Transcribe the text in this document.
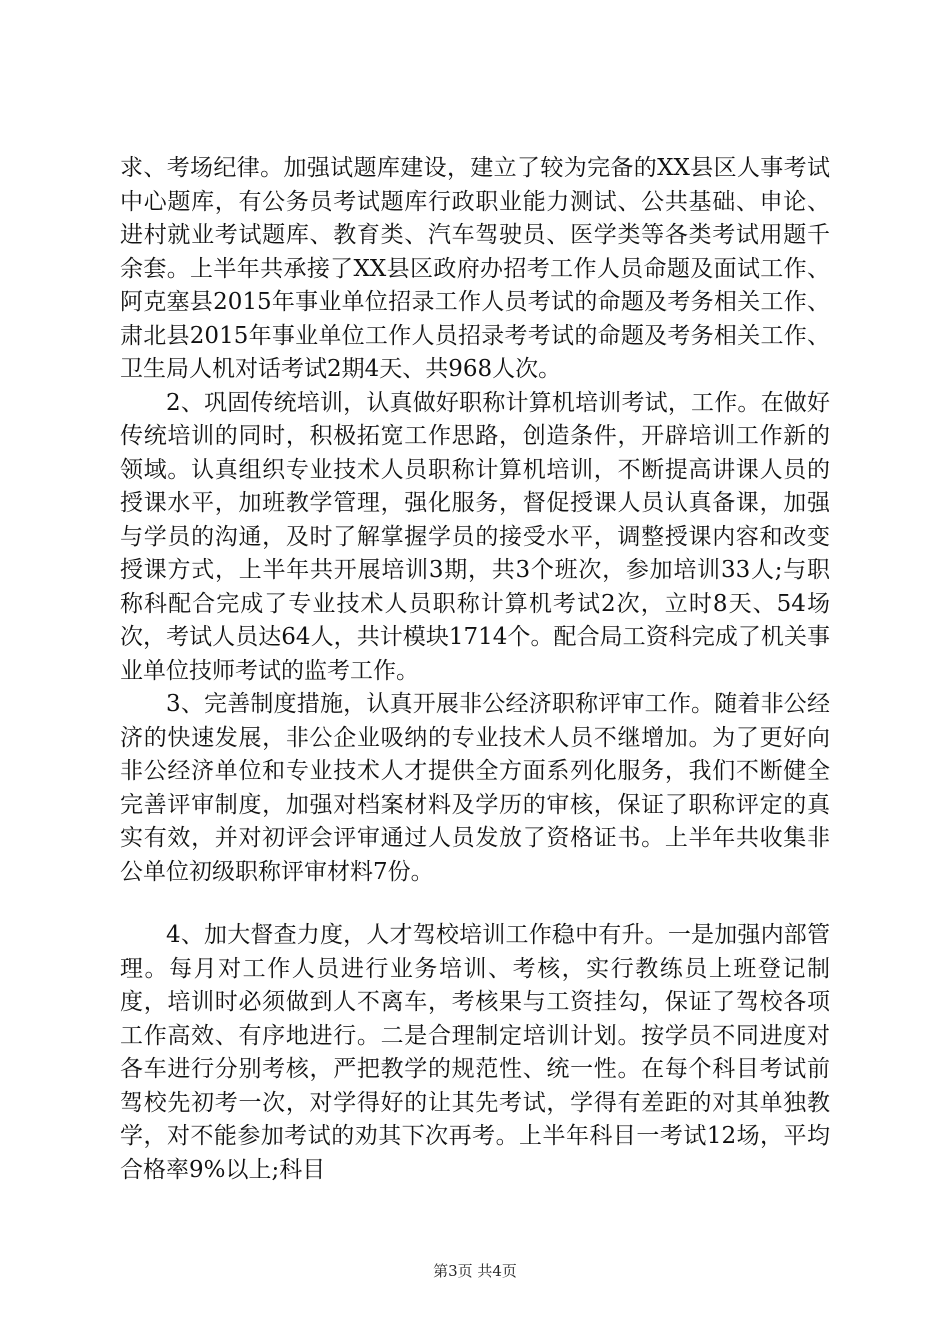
求、考场纪律。加强试题库建设，建立了较为完备的XX县区人事考试中心题库，有公务员考试题库行政职业能力测试、公共基础、申论、进村就业考试题库、教育类、汽车驾驶员、医学类等各类考试用题千余套。上半年共承接了XX县区政府办招考工作人员命题及面试工作、阿克塞县2015年事业单位招录工作人员考试的命题及考务相关工作、肃北县2015年事业单位工作人员招录考考试的命题及考务相关工作、卫生局人机对话考试2期4天、共968人次。

2、巩固传统培训，认真做好职称计算机培训考试，工作。在做好传统培训的同时，积极拓宽工作思路，创造条件，开辟培训工作新的领域。认真组织专业技术人员职称计算机培训，不断提高讲课人员的授课水平，加班教学管理，强化服务，督促授课人员认真备课，加强与学员的沟通，及时了解掌握学员的接受水平，调整授课内容和改变授课方式，上半年共开展培训3期，共3个班次，参加培训33人;与职称科配合完成了专业技术人员职称计算机考试2次，立时8天、54场次，考试人员达64人，共计模块1714个。配合局工资科完成了机关事业单位技师考试的监考工作。

3、完善制度措施，认真开展非公经济职称评审工作。随着非公经济的快速发展，非公企业吸纳的专业技术人员不继增加。为了更好向非公经济单位和专业技术人才提供全方面系列化服务，我们不断健全完善评审制度，加强对档案材料及学历的审核，保证了职称评定的真实有效，并对初评会评审通过人员发放了资格证书。上半年共收集非公单位初级职称评审材料7份。

4、加大督查力度，人才驾校培训工作稳中有升。一是加强内部管理。每月对工作人员进行业务培训、考核，实行教练员上班登记制度，培训时必须做到人不离车，考核果与工资挂勾，保证了驾校各项工作高效、有序地进行。二是合理制定培训计划。按学员不同进度对各车进行分别考核，严把教学的规范性、统一性。在每个科目考试前驾校先初考一次，对学得好的让其先考试，学得有差距的对其单独教学，对不能参加考试的劝其下次再考。上半年科目一考试12场，平均合格率9%以上;科目

第3页 共4页
